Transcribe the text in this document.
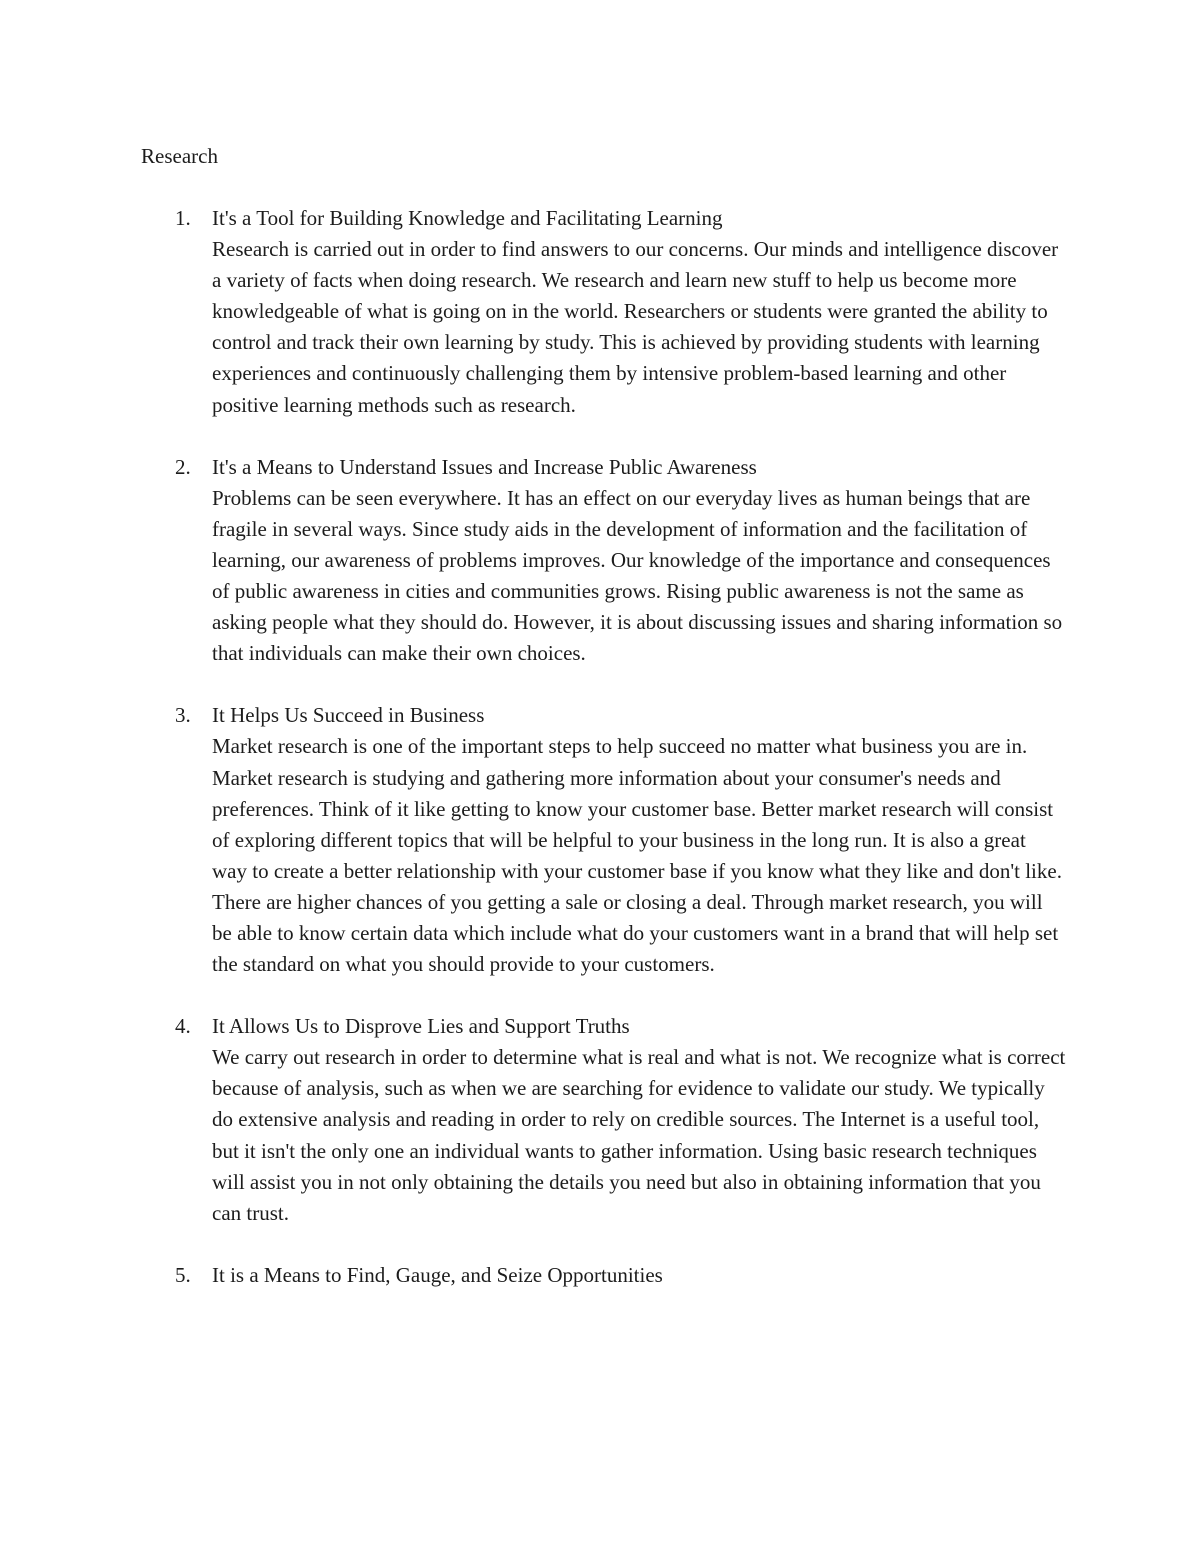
Research

1. It's a Tool for Building Knowledge and Facilitating Learning
Research is carried out in order to find answers to our concerns. Our minds and intelligence discover a variety of facts when doing research. We research and learn new stuff to help us become more knowledgeable of what is going on in the world. Researchers or students were granted the ability to control and track their own learning by study. This is achieved by providing students with learning experiences and continuously challenging them by intensive problem-based learning and other positive learning methods such as research.
2. It's a Means to Understand Issues and Increase Public Awareness
Problems can be seen everywhere. It has an effect on our everyday lives as human beings that are fragile in several ways. Since study aids in the development of information and the facilitation of learning, our awareness of problems improves. Our knowledge of the importance and consequences of public awareness in cities and communities grows. Rising public awareness is not the same as asking people what they should do. However, it is about discussing issues and sharing information so that individuals can make their own choices.
3. It Helps Us Succeed in Business
Market research is one of the important steps to help succeed no matter what business you are in. Market research is studying and gathering more information about your consumer's needs and preferences. Think of it like getting to know your customer base. Better market research will consist of exploring different topics that will be helpful to your business in the long run. It is also a great way to create a better relationship with your customer base if you know what they like and don't like. There are higher chances of you getting a sale or closing a deal. Through market research, you will be able to know certain data which include what do your customers want in a brand that will help set the standard on what you should provide to your customers.
4. It Allows Us to Disprove Lies and Support Truths
We carry out research in order to determine what is real and what is not. We recognize what is correct because of analysis, such as when we are searching for evidence to validate our study. We typically do extensive analysis and reading in order to rely on credible sources. The Internet is a useful tool, but it isn't the only one an individual wants to gather information. Using basic research techniques will assist you in not only obtaining the details you need but also in obtaining information that you can trust.
5. It is a Means to Find, Gauge, and Seize Opportunities
